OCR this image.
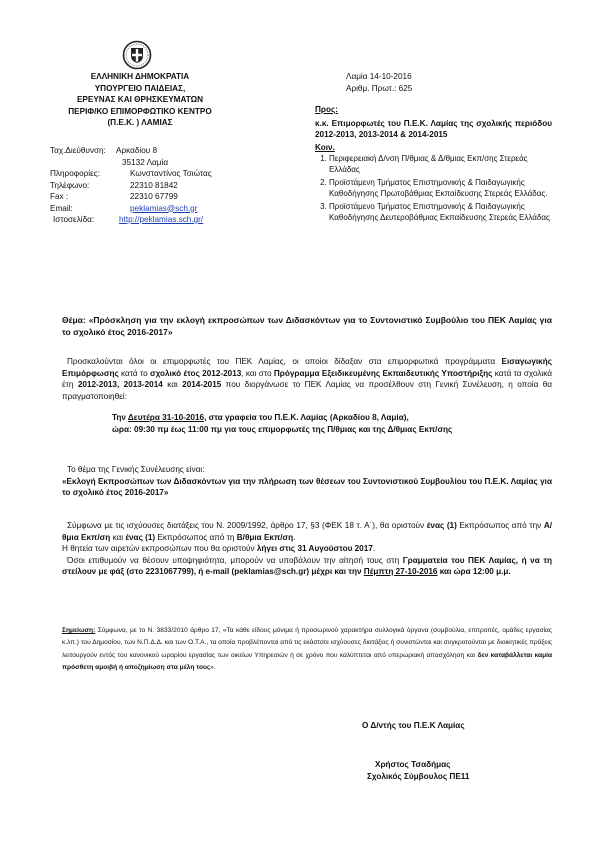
ΕΛΛΗΝΙΚΗ ΔΗΜΟΚΡΑΤΙΑ
ΥΠΟΥΡΓΕΙΟ ΠΑΙΔΕΙΑΣ,
ΕΡΕΥΝΑΣ ΚΑΙ ΘΡΗΣΚΕΥΜΑΤΩΝ
ΠΕΡΙΦ/ΚΟ ΕΠΙΜΟΡΦΩΤΙΚΟ ΚΕΝΤΡΟ
(Π.Ε.Κ. ) ΛΑΜΙΑΣ
Λαμία 14-10-2016
Αριθμ. Πρωτ.: 625
Ταχ.Διεύθυνση: Αρκαδίου 8
35132 Λαμία
Πληροφορίες:	Κωνσταντίνος Τσιώτας
Τηλέφωνο:	22310 81842
Fax :	22310 67799
Email:	peklamias@sch.gr
Ιστοσελίδα:	http://peklamias.sch.gr/
Προς:
κ.κ. Επιμορφωτές του Π.Ε.Κ. Λαμίας της σχολικής περιόδου 2012-2013, 2013-2014 & 2014-2015
Κοιν.
1. Περιφερειακή Δ/νση Π/θμιας & Δ/θμιας Εκπ/σης Στερεάς Ελλάδας
2. Προϊστάμενη Τμήματος Επιστημονικής & Παιδαγωγικής Καθοδήγησης Πρωτοβάθμιας Εκπαίδευσης Στερεάς Ελλάδας.
3. Προϊστάμενο Τμήματος Επιστημονικής & Παιδαγωγικής Καθοδήγησης Δευτεροβάθμιας Εκπαίδευσης Στερεάς Ελλάδας
Θέμα: «Πρόσκληση για την εκλογή εκπροσώπων των Διδασκόντων για το Συντονιστικό Συμβούλιο του ΠΕΚ Λαμίας για το σχολικό έτος 2016-2017»
Προσκαλούνται όλοι οι επιμορφωτές του ΠΕΚ Λαμίας, οι οποίοι δίδαξαν στα επιμορφωτικά προγράμματα Εισαγωγικής Επιμόρφωσης κατά το σχολικό έτος 2012-2013, και στο Πρόγραμμα Εξειδικευμένης Εκπαιδευτικής Υποστήριξης κατά τα σχολικά έτη 2012-2013, 2013-2014 και 2014-2015 που διοργάνωσε το ΠΕΚ Λαμίας να προσέλθουν στη Γενική Συνέλευση, η οποία θα πραγματοποιηθεί:
Την Δευτέρα 31-10-2016, στα γραφεία του Π.Ε.Κ. Λαμίας (Αρκαδίου 8, Λαμία),
ώρα: 09:30 πμ έως 11:00 πμ για τους επιμορφωτές της Π/θμιας και της Δ/θμιας Εκπ/σης
Το θέμα της Γενικής Συνέλευσης είναι:
«Εκλογή Εκπροσώπων των Διδασκόντων για την πλήρωση των θέσεων του Συντονιστικού Συμβουλίου του Π.Ε.Κ. Λαμίας για το σχολικό έτος 2016-2017»

Σύμφωνα με τις ισχύουσες διατάξεις του Ν. 2009/1992, άρθρο 17, §3 (ΦΕΚ 18 τ. Α΄), θα οριστούν ένας (1) Εκπρόσωπος από την Α/θμια Εκπ/ση και ένας (1) Εκπρόσωπος από τη Β/θμια Εκπ/ση.

Η θητεία των αιρετών εκπροσώπων που θα οριστούν λήγει στις 31 Αυγούστου 2017.

Όσοι επιθυμούν να θέσουν υποψηφιότητα, μπορούν να υποβάλουν την αίτησή τους στη Γραμματεία του ΠΕΚ Λαμίας, ή να τη στείλουν με φάξ (στο 2231067799), ή e-mail (peklamias@sch.gr) μέχρι και την Πέμπτη 27-10-2016 και ώρα 12:00 μ.μ.

Σημείωση: Σύμφωνα, με το Ν. 3833/2010 άρθρο 17, «Τα κάθε είδους μόνιμα ή προσωρινού χαρακτήρα συλλογικά όργανα (συμβούλια, επιτροπές, ομάδες εργασίας κ.λπ.) του Δημοσίου, των Ν.Π.Δ.Δ. και των Ο.Τ.Α., τα οποία προβλέπονται από τις εκάστοτε ισχύουσες διατάξεις ή συνιστώνται και συγκροτούνται με διοικητικές πράξεις λειτουργούν εντός του κανονικού ωραρίου εργασίας των οικείων Υπηρεσιών ή σε χρόνο που καλύπτεται από υπερωριακή απασχόληση και δεν καταβάλλεται καμία πρόσθετη αμοιβή ή αποζημίωση στα μέλη τους».
Ο Δ/ντής του Π.Ε.Κ Λαμίας
Χρήστος Τσαδήμας
Σχολικός Σύμβουλος ΠΕ11
